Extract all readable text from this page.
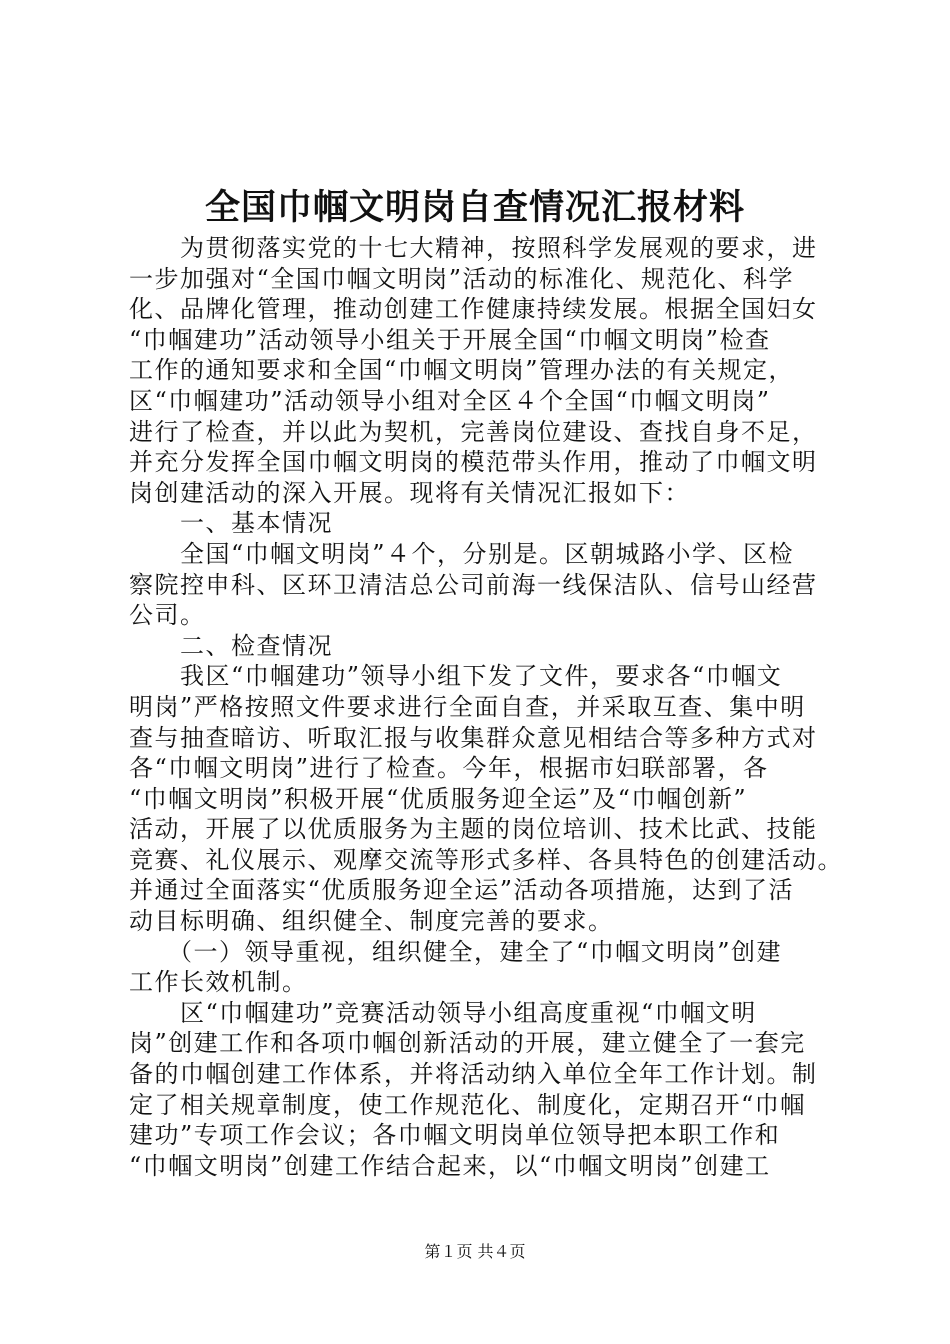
全国巾帼文明岗自查情况汇报材料
　　为贯彻落实党的十七大精神，按照科学发展观的要求，进
一步加强对“全国巾帼文明岗”活动的标准化、规范化、科学
化、品牌化管理，推动创建工作健康持续发展。根据全国妇女
“巾帼建功”活动领导小组关于开展全国“巾帼文明岗”检查
工作的通知要求和全国“巾帼文明岗”管理办法的有关规定，
区“巾帼建功”活动领导小组对全区４个全国“巾帼文明岗”
进行了检查，并以此为契机，完善岗位建设、查找自身不足，
并充分发挥全国巾帼文明岗的模范带头作用，推动了巾帼文明
岗创建活动的深入开展。现将有关情况汇报如下：
　　一、基本情况
　　全国“巾帼文明岗”４个，分别是。区朝城路小学、区检
察院控申科、区环卫清洁总公司前海一线保洁队、信号山经营
公司。
　　二、检查情况
　　我区“巾帼建功”领导小组下发了文件，要求各“巾帼文
明岗”严格按照文件要求进行全面自查，并采取互查、集中明
查与抽查暗访、听取汇报与收集群众意见相结合等多种方式对
各“巾帼文明岗”进行了检查。今年，根据市妇联部署，各
“巾帼文明岗”积极开展“优质服务迎全运”及“巾帼创新”
活动，开展了以优质服务为主题的岗位培训、技术比武、技能
竞赛、礼仪展示、观摩交流等形式多样、各具特色的创建活动。
并通过全面落实“优质服务迎全运”活动各项措施，达到了活
动目标明确、组织健全、制度完善的要求。
　　（一）领导重视，组织健全，建全了“巾帼文明岗”创建
工作长效机制。
　　区“巾帼建功”竞赛活动领导小组高度重视“巾帼文明
岗”创建工作和各项巾帼创新活动的开展，建立健全了一套完
备的巾帼创建工作体系，并将活动纳入单位全年工作计划。制
定了相关规章制度，使工作规范化、制度化，定期召开“巾帼
建功”专项工作会议；各巾帼文明岗单位领导把本职工作和
“巾帼文明岗”创建工作结合起来，以“巾帼文明岗”创建工
第１页 共４页
